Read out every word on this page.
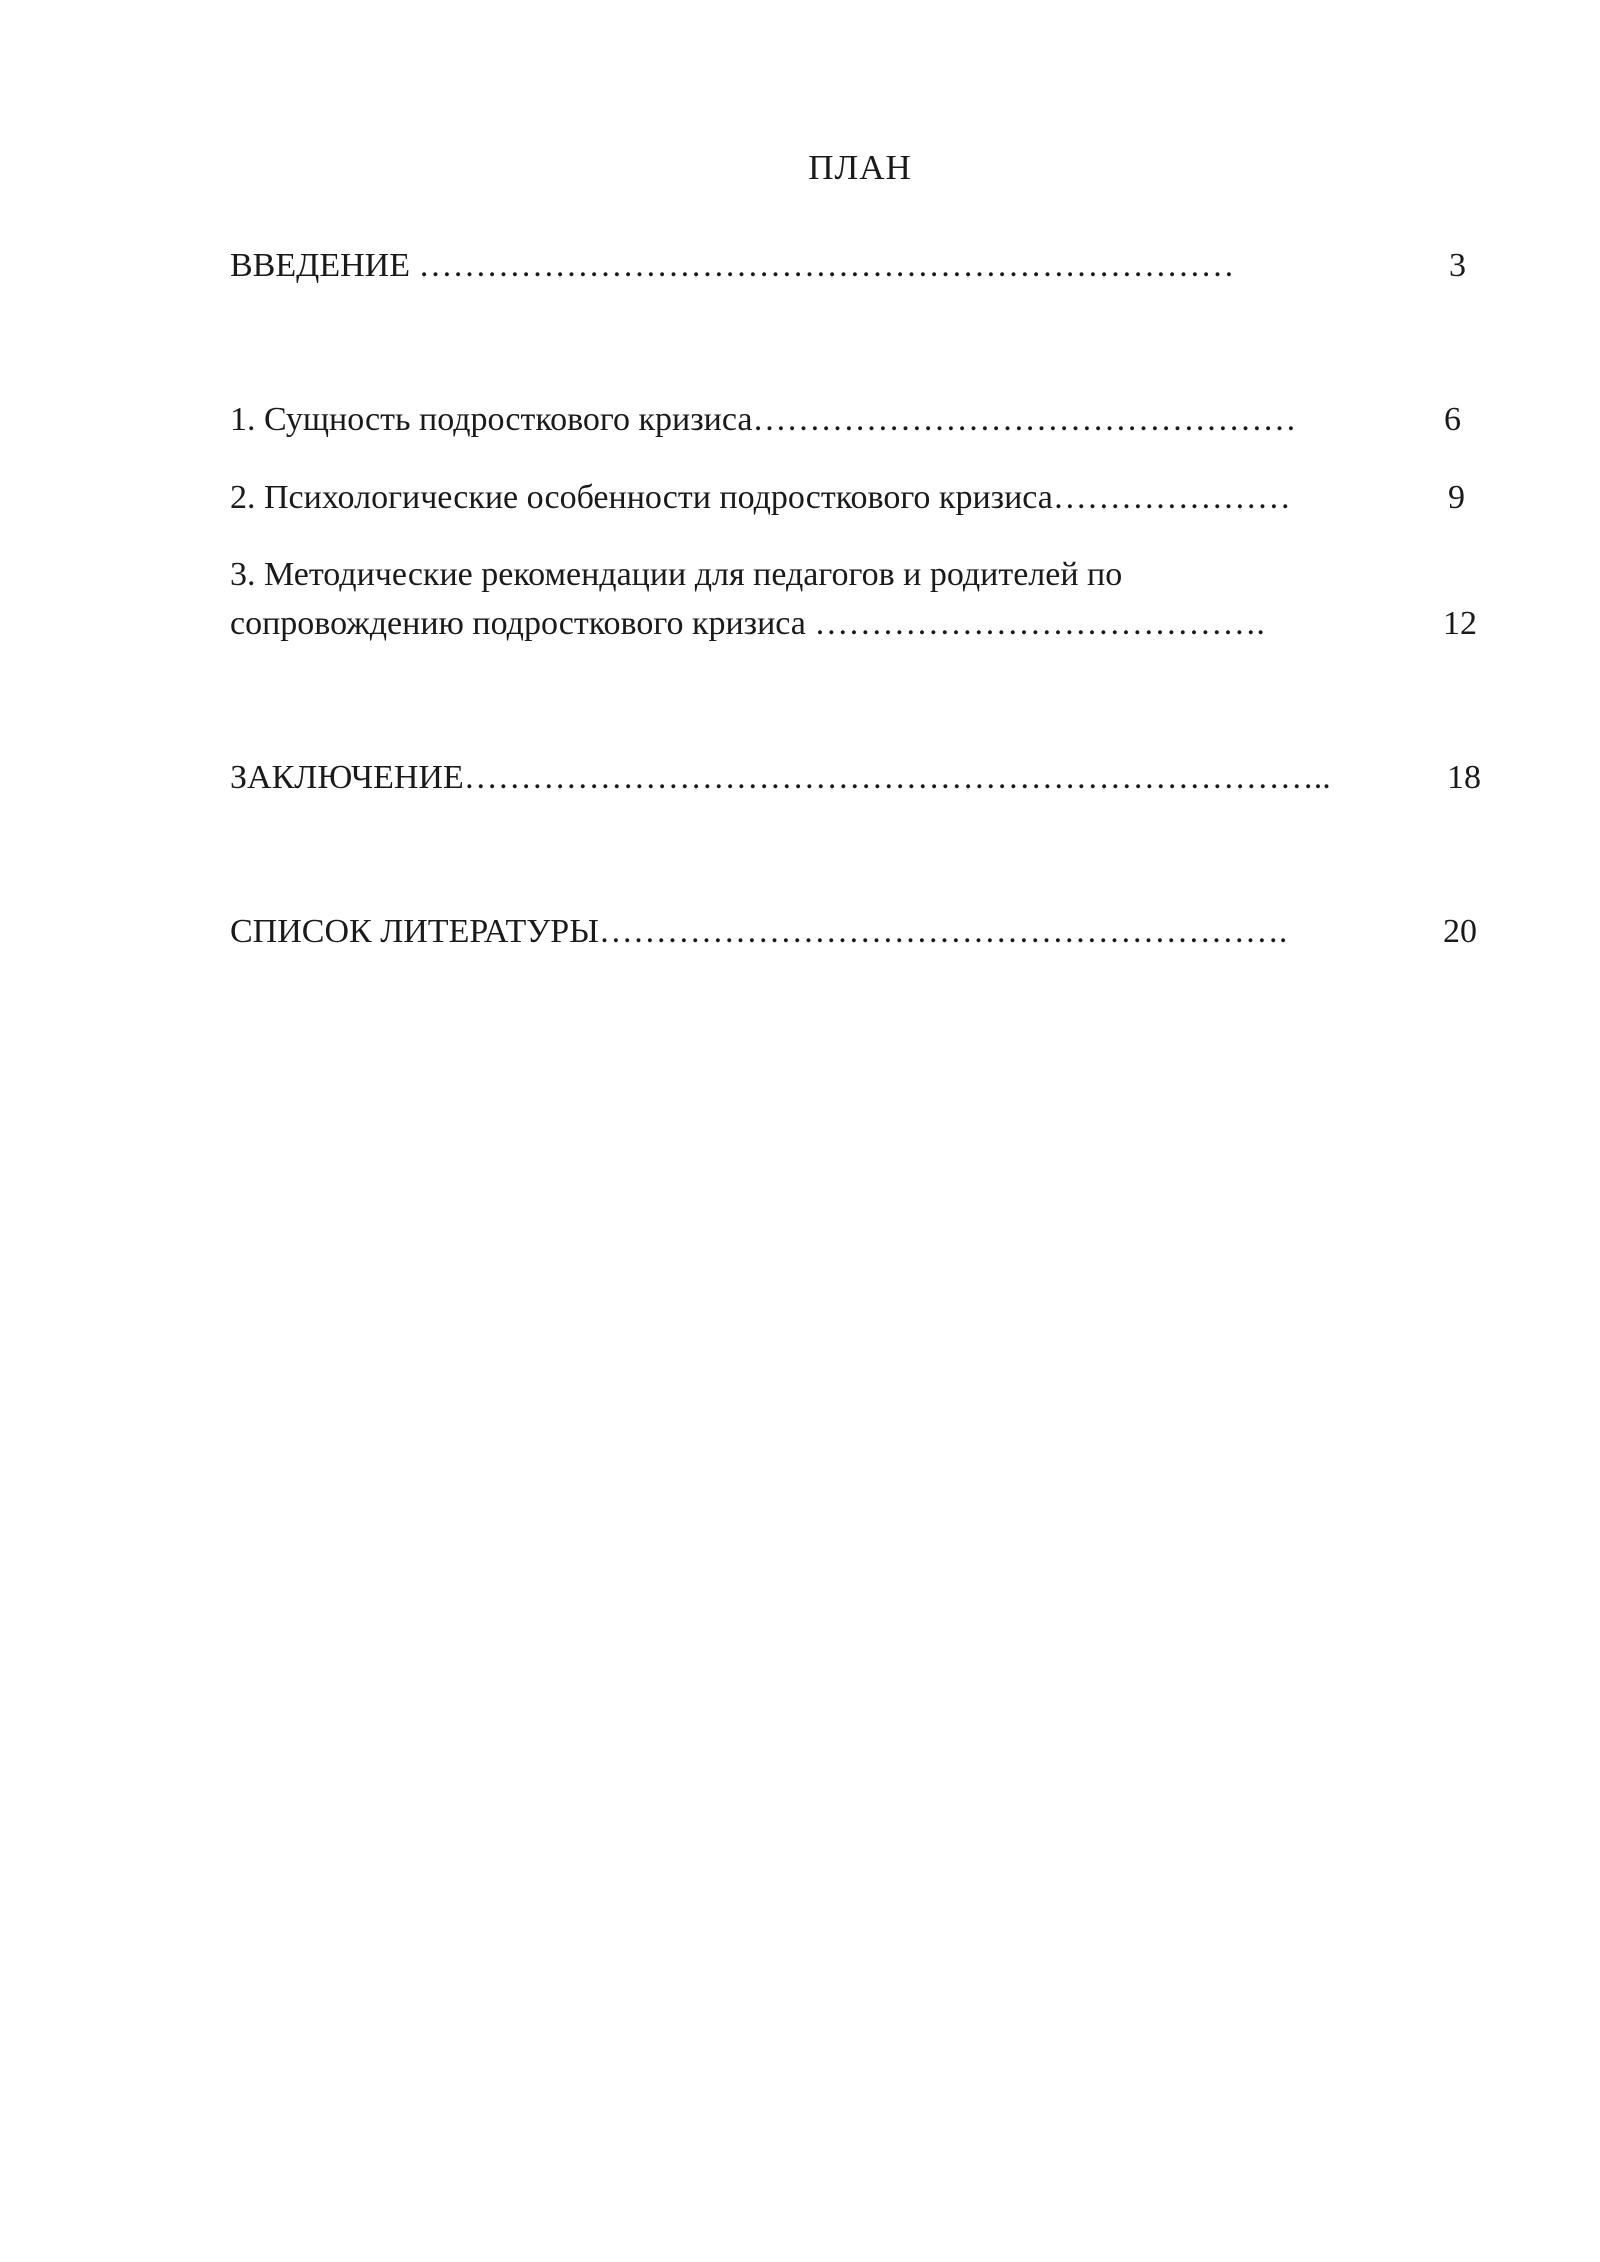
ПЛАН
ВВЕДЕНИЕ ………………………………………………………………	3
1. Сущность подросткового кризиса…………………………………………	6
2. Психологические особенности подросткового кризиса…………………	9
3. Методические рекомендации для педагогов и родителей по
сопровождению подросткового кризиса ………………………………….	12
ЗАКЛЮЧЕНИЕ…………………………………………………………………..	18
СПИСОК ЛИТЕРАТУРЫ…………………………………………………….	20
